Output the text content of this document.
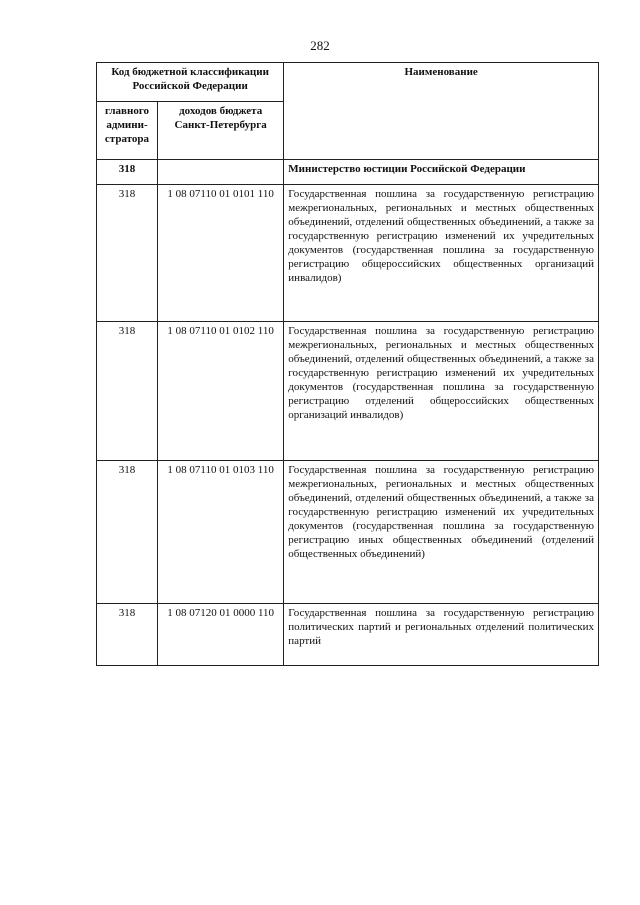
282
Код бюджетной классификации Российской Федерации		Наименование
главного админи-стратора	доходов бюджета Санкт-Петербурга	
318		Министерство юстиции Российской Федерации
318	1 08 07110 01 0101 110	Государственная пошлина за государственную регистрацию межрегиональных, региональных и местных общественных объединений, отделений общественных объединений, а также за государственную регистрацию изменений их учредительных документов (государственная пошлина за государственную регистрацию общероссийских общественных организаций инвалидов)
318	1 08 07110 01 0102 110	Государственная пошлина за государственную регистрацию межрегиональных, региональных и местных общественных объединений, отделений общественных объединений, а также за государственную регистрацию изменений их учредительных документов (государственная пошлина за государственную регистрацию отделений общероссийских общественных организаций инвалидов)
318	1 08 07110 01 0103 110	Государственная пошлина за государственную регистрацию межрегиональных, региональных и местных общественных объединений, отделений общественных объединений, а также за государственную регистрацию изменений их учредительных документов (государственная пошлина за государственную регистрацию иных общественных объединений (отделений общественных объединений)
318	1 08 07120 01 0000 110	Государственная пошлина за государственную регистрацию политических партий и региональных отделений политических партий
